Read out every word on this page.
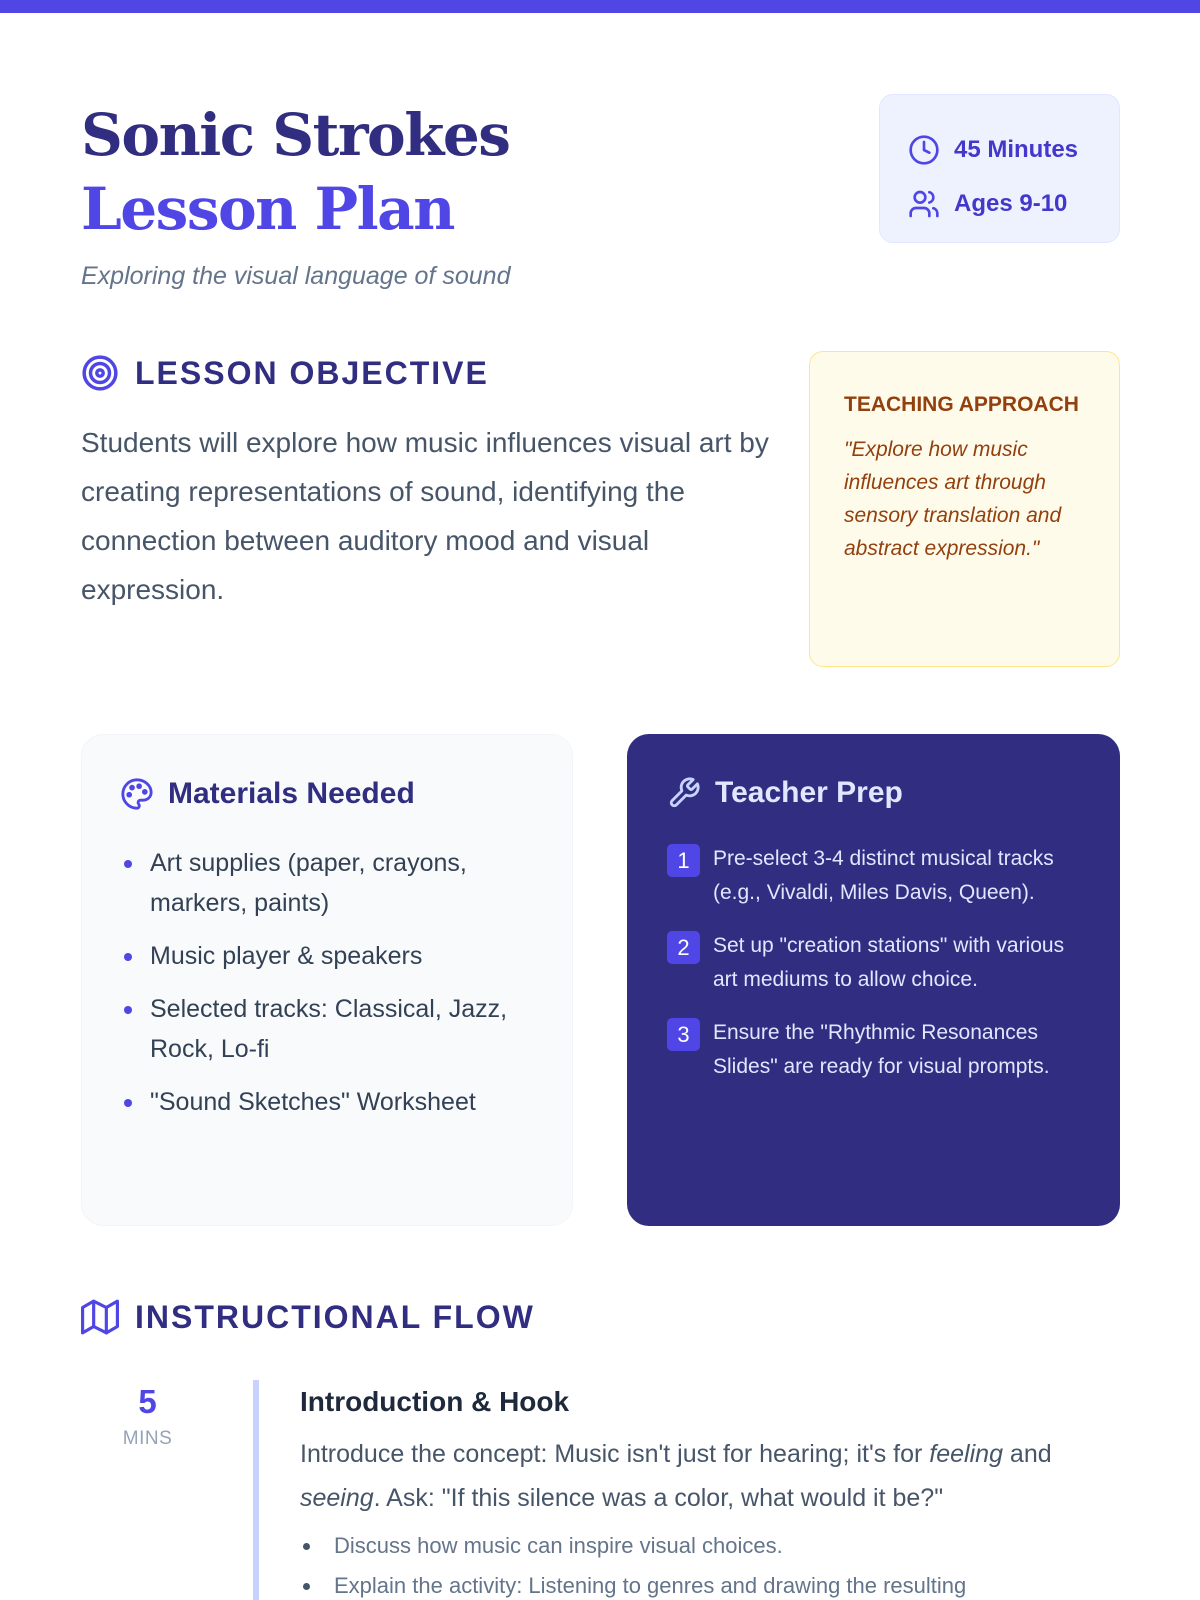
Sonic Strokes
Lesson Plan
Exploring the visual language of sound
45 Minutes
Ages 9-10
LESSON OBJECTIVE
Students will explore how music influences visual art by creating representations of sound, identifying the connection between auditory mood and visual expression.
TEACHING APPROACH
"Explore how music influences art through sensory translation and abstract expression."
Materials Needed
Art supplies (paper, crayons, markers, paints)
Music player & speakers
Selected tracks: Classical, Jazz, Rock, Lo-fi
"Sound Sketches" Worksheet
Teacher Prep
1	Pre-select 3-4 distinct musical tracks (e.g., Vivaldi, Miles Davis, Queen).
2	Set up "creation stations" with various art mediums to allow choice.
3	Ensure the "Rhythmic Resonances Slides" are ready for visual prompts.
INSTRUCTIONAL FLOW
5
MINS
Introduction & Hook
Introduce the concept: Music isn't just for hearing; it's for feeling and seeing. Ask: "If this silence was a color, what would it be?"
Discuss how music can inspire visual choices.
Explain the activity: Listening to genres and drawing the resulting
